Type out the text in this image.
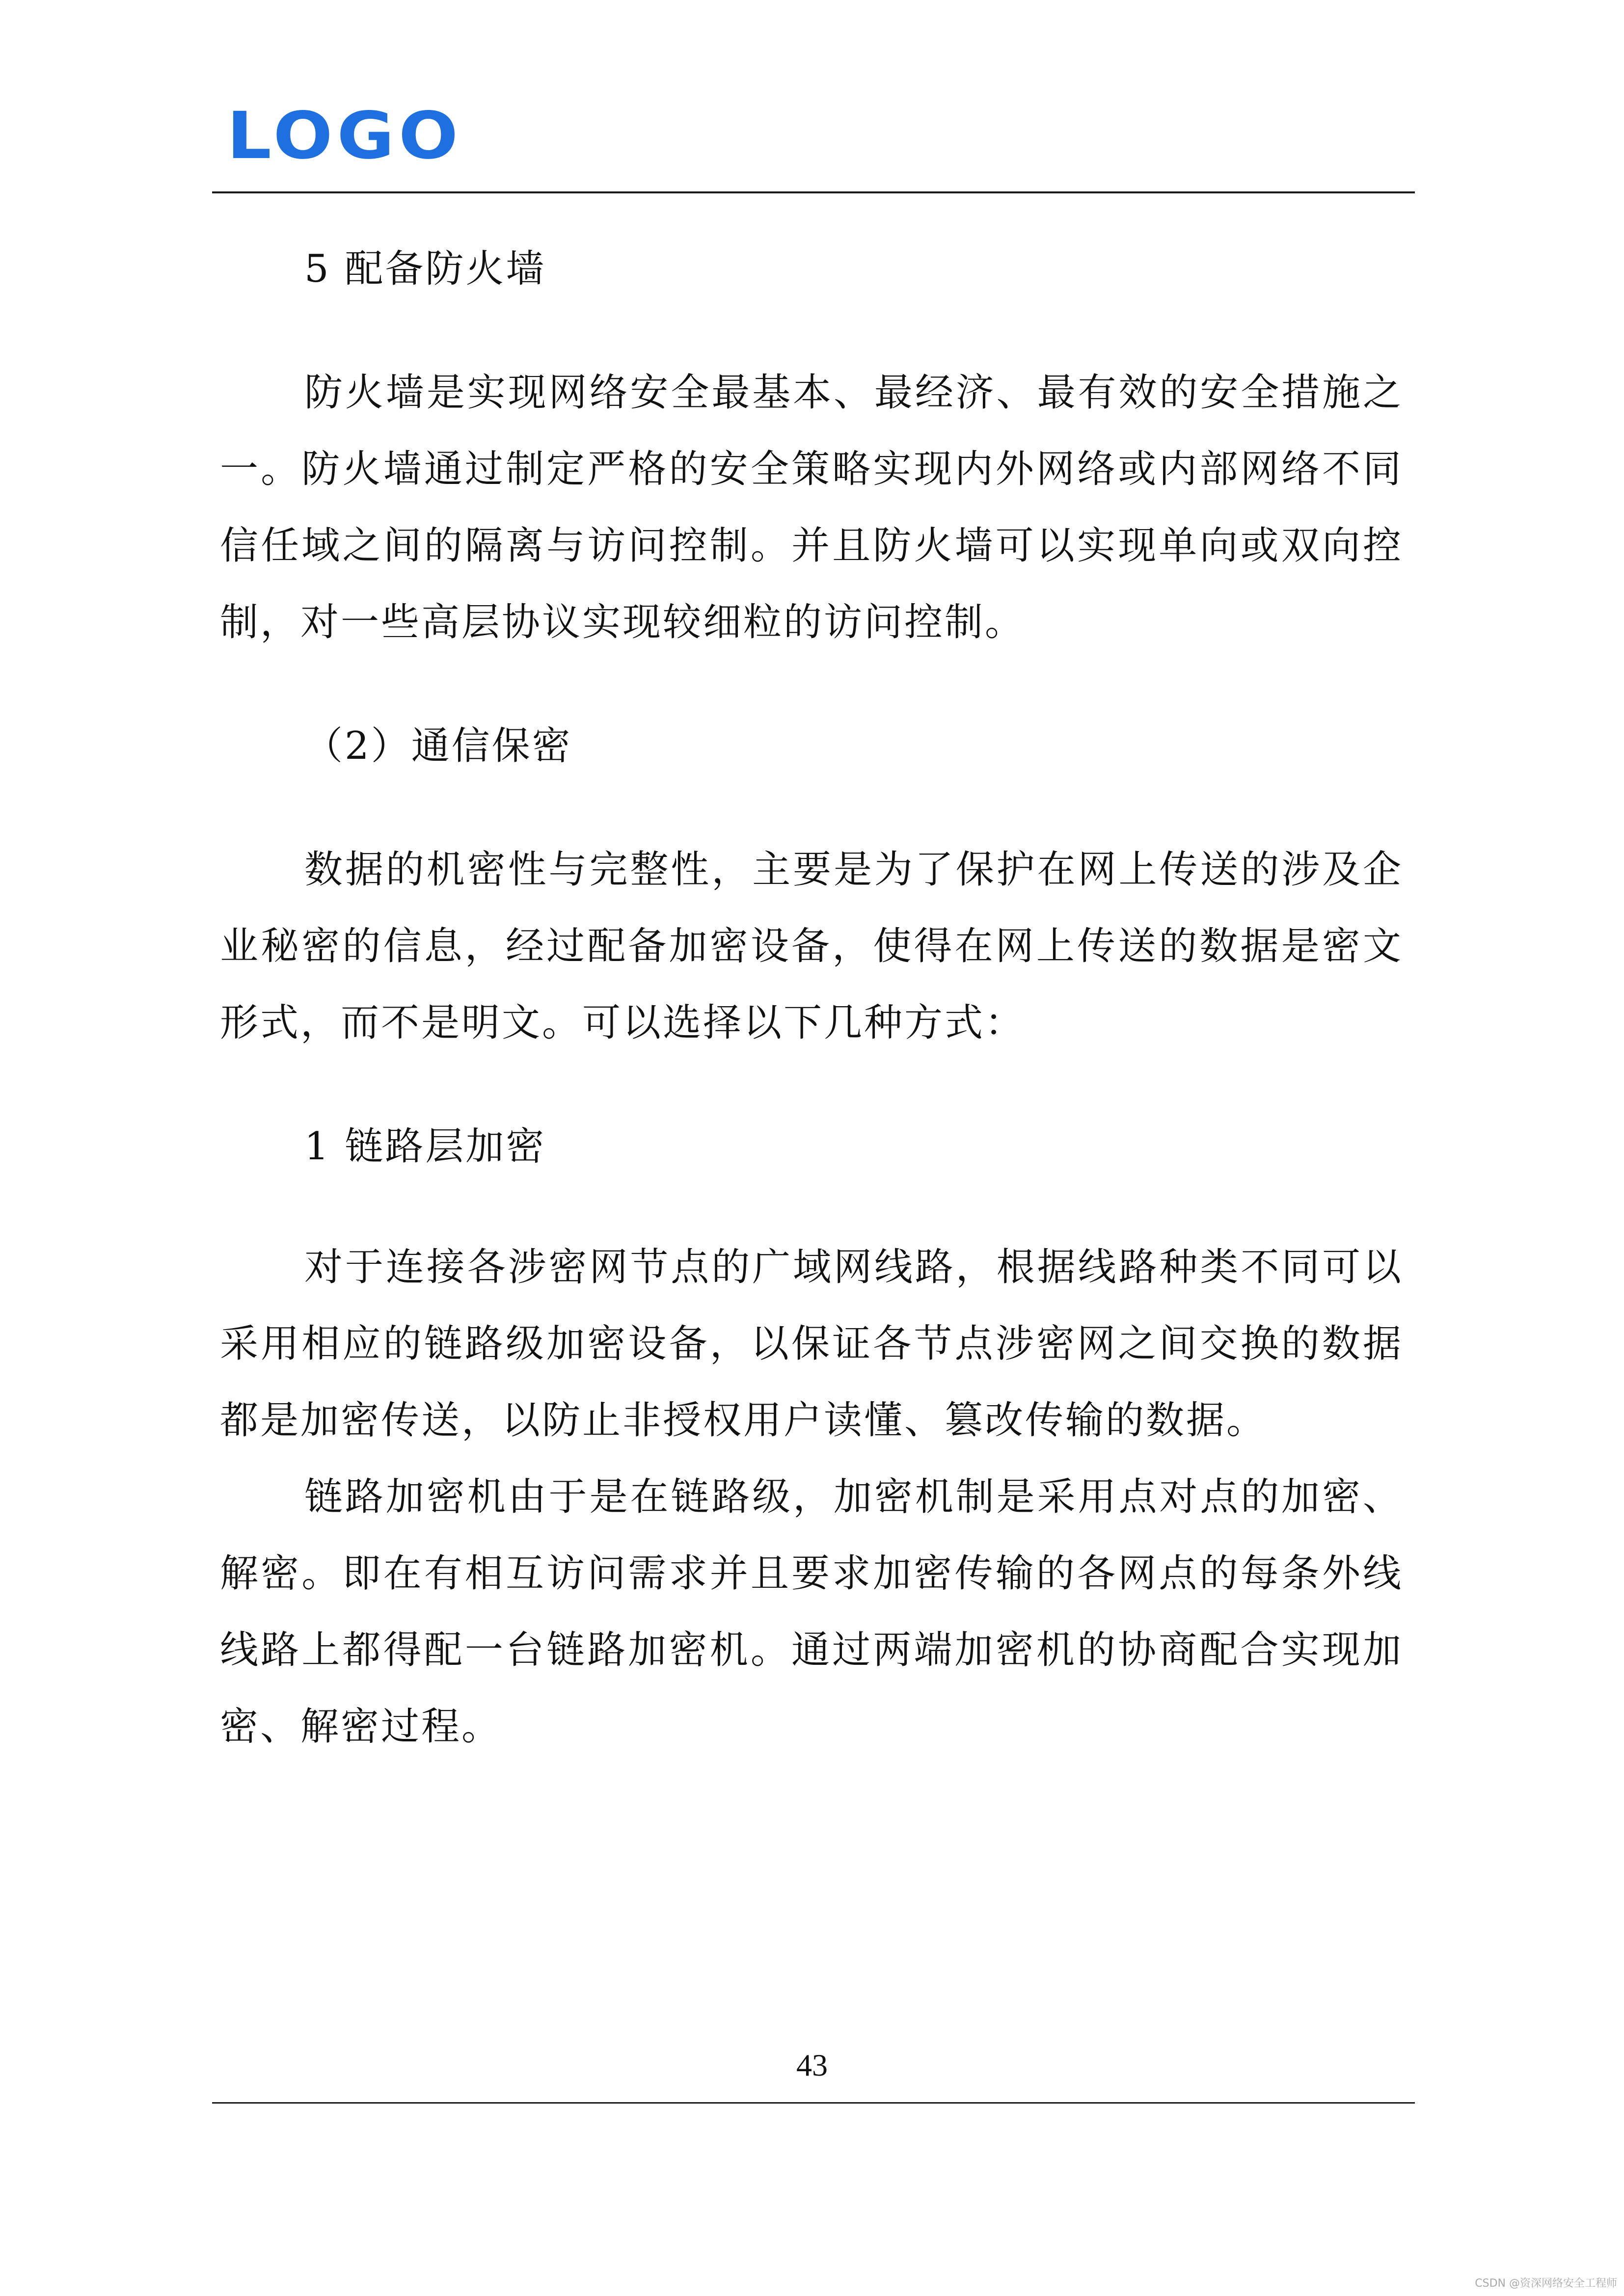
LOGO

5 配备防火墙

防火墙是实现网络安全最基本、最经济、最有效的安全措施之一。防火墙通过制定严格的安全策略实现内外网络或内部网络不同信任域之间的隔离与访问控制。并且防火墙可以实现单向或双向控制，对一些高层协议实现较细粒的访问控制。

（2）通信保密

数据的机密性与完整性，主要是为了保护在网上传送的涉及企业秘密的信息，经过配备加密设备，使得在网上传送的数据是密文形式，而不是明文。可以选择以下几种方式：

1 链路层加密

对于连接各涉密网节点的广域网线路，根据线路种类不同可以采用相应的链路级加密设备，以保证各节点涉密网之间交换的数据都是加密传送，以防止非授权用户读懂、篡改传输的数据。

链路加密机由于是在链路级，加密机制是采用点对点的加密、解密。即在有相互访问需求并且要求加密传输的各网点的每条外线线路上都得配一台链路加密机。通过两端加密机的协商配合实现加密、解密过程。

43
CSDN @资深网络安全工程师
